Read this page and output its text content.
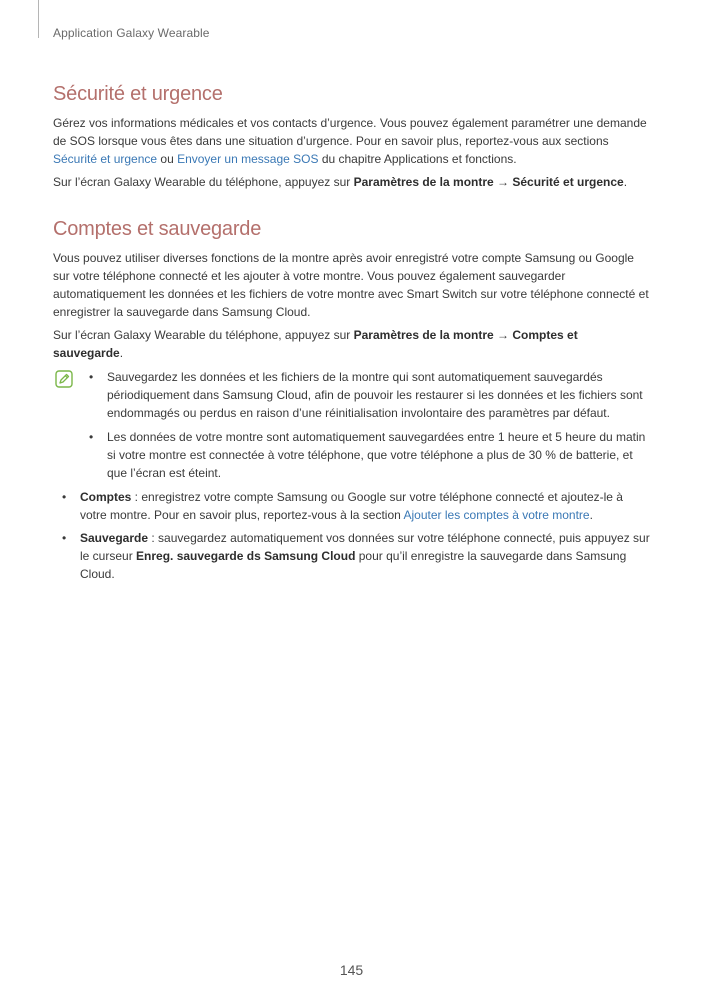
Application Galaxy Wearable
Sécurité et urgence

Gérez vos informations médicales et vos contacts d’urgence. Vous pouvez également paramétrer une demande de SOS lorsque vous êtes dans une situation d’urgence. Pour en savoir plus, reportez-vous aux sections Sécurité et urgence ou Envoyer un message SOS du chapitre Applications et fonctions.

Sur l’écran Galaxy Wearable du téléphone, appuyez sur Paramètres de la montre → Sécurité et urgence.

Comptes et sauvegarde

Vous pouvez utiliser diverses fonctions de la montre après avoir enregistré votre compte Samsung ou Google sur votre téléphone connecté et les ajouter à votre montre. Vous pouvez également sauvegarder automatiquement les données et les fichiers de votre montre avec Smart Switch sur votre téléphone connecté et enregistrer la sauvegarde dans Samsung Cloud.

Sur l’écran Galaxy Wearable du téléphone, appuyez sur Paramètres de la montre → Comptes et sauvegarde.

• Sauvegardez les données et les fichiers de la montre qui sont automatiquement sauvegardés périodiquement dans Samsung Cloud, afin de pouvoir les restaurer si les données et les fichiers sont endommagés ou perdus en raison d’une réinitialisation involontaire des paramètres par défaut.
• Les données de votre montre sont automatiquement sauvegardées entre 1 heure et 5 heure du matin si votre montre est connectée à votre téléphone, que votre téléphone a plus de 30 % de batterie, et que l’écran est éteint.
• Comptes : enregistrez votre compte Samsung ou Google sur votre téléphone connecté et ajoutez-le à votre montre. Pour en savoir plus, reportez-vous à la section Ajouter les comptes à votre montre.
• Sauvegarde : sauvegardez automatiquement vos données sur votre téléphone connecté, puis appuyez sur le curseur Enreg. sauvegarde ds Samsung Cloud pour qu’il enregistre la sauvegarde dans Samsung Cloud.
145
